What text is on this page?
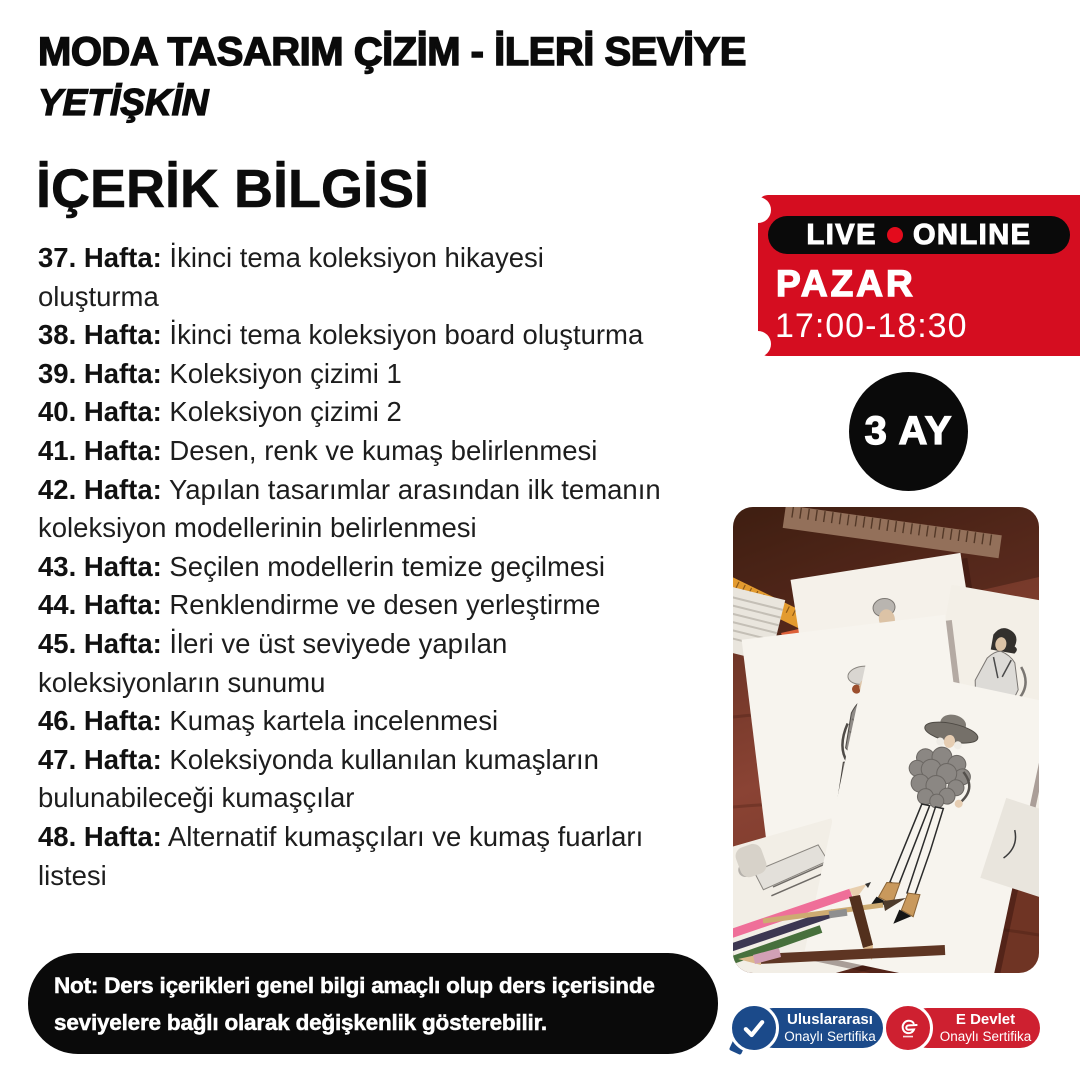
MODA TASARIM ÇİZİM - İLERİ SEVİYE
YETİŞKİN
İÇERİK BİLGİSİ
37. Hafta: İkinci tema koleksiyon hikayesi oluşturma
38. Hafta: İkinci tema koleksiyon board oluşturma
39. Hafta: Koleksiyon çizimi 1
40. Hafta: Koleksiyon çizimi 2
41. Hafta: Desen, renk ve kumaş belirlenmesi
42. Hafta: Yapılan tasarımlar arasından ilk temanın koleksiyon modellerinin belirlenmesi
43. Hafta: Seçilen modellerin temize geçilmesi
44. Hafta: Renklendirme ve desen yerleştirme
45. Hafta: İleri ve üst seviyede yapılan koleksiyonların sunumu
46. Hafta: Kumaş kartela incelenmesi
47. Hafta: Koleksiyonda kullanılan kumaşların bulunabileceği kumaşçılar
48. Hafta: Alternatif kumaşçıları ve kumaş fuarları listesi
LIVE ONLINE
PAZAR
17:00-18:30
3 AY

Not: Ders içerikleri genel bilgi amaçlı olup ders içerisinde seviyelere bağlı olarak değişkenlik gösterebilir.	Uluslararası
Onaylı Sertifika
E Devlet
Onaylı Sertifika
